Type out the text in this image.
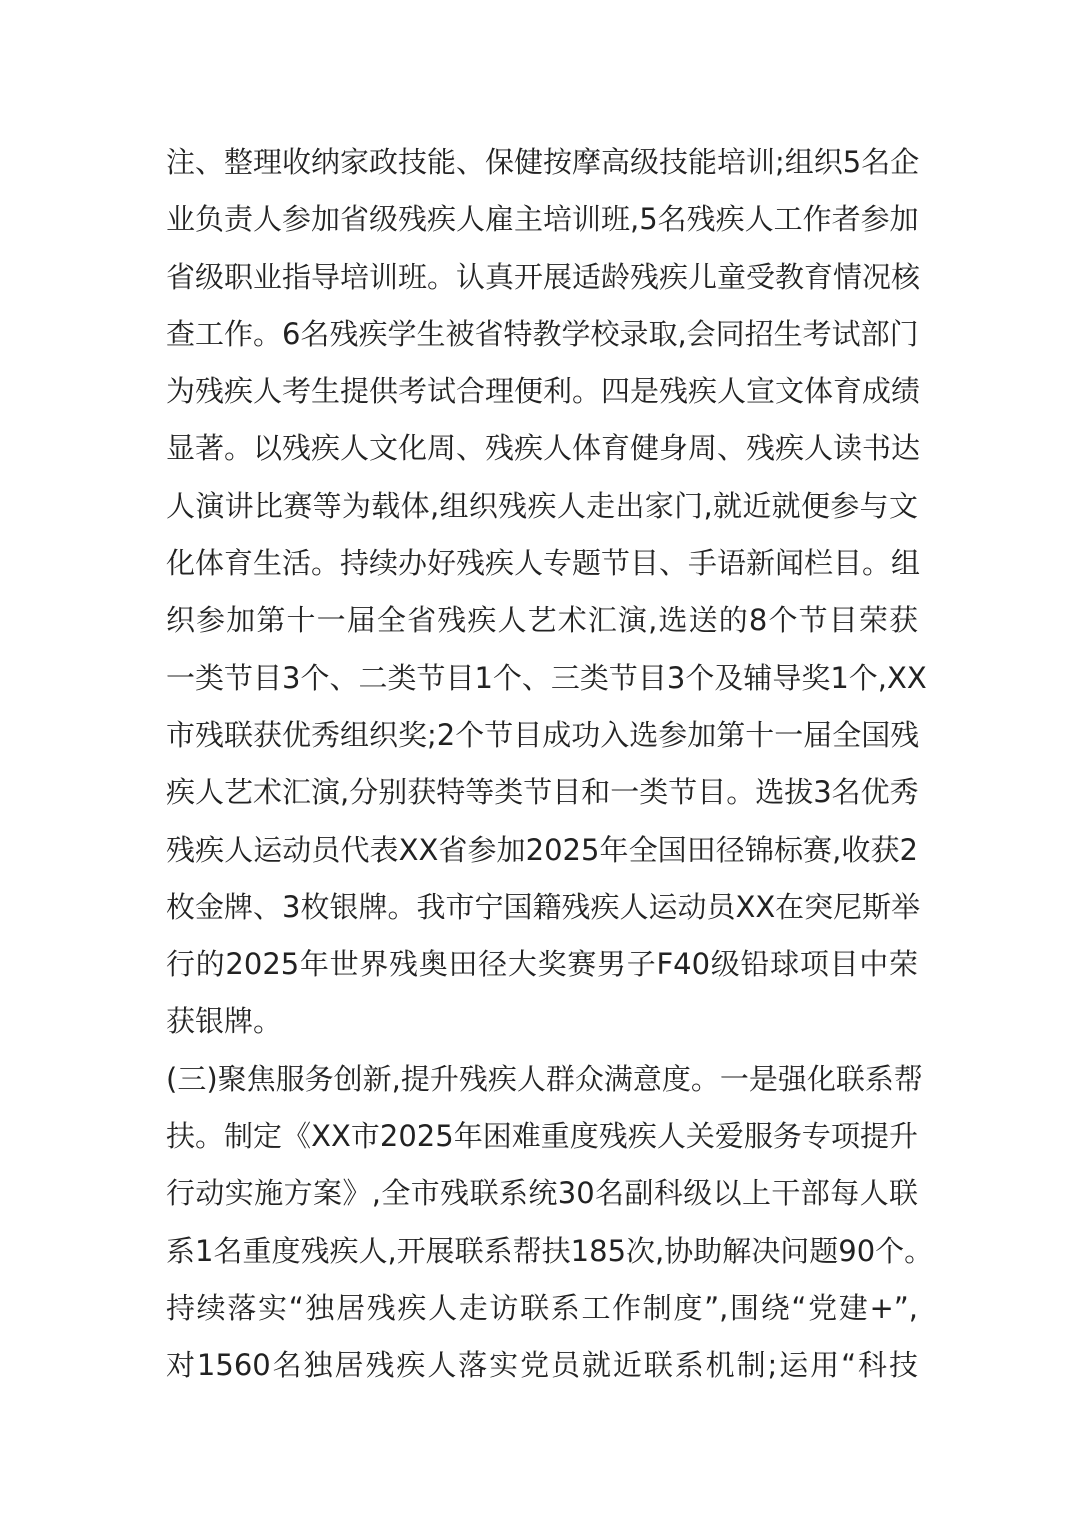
注、整理收纳家政技能、保健按摩高级技能培训;组织5名企
业负责人参加省级残疾人雇主培训班,5名残疾人工作者参加
省级职业指导培训班。认真开展适龄残疾儿童受教育情况核
查工作。6名残疾学生被省特教学校录取,会同招生考试部门
为残疾人考生提供考试合理便利。四是残疾人宣文体育成绩
显著。以残疾人文化周、残疾人体育健身周、残疾人读书达
人演讲比赛等为载体,组织残疾人走出家门,就近就便参与文
化体育生活。持续办好残疾人专题节目、手语新闻栏目。组
织参加第十一届全省残疾人艺术汇演,选送的8个节目荣获
一类节目3个、二类节目1个、三类节目3个及辅导奖1个,XX
市残联获优秀组织奖;2个节目成功入选参加第十一届全国残
疾人艺术汇演,分别获特等类节目和一类节目。选拔3名优秀
残疾人运动员代表XX省参加2025年全国田径锦标赛,收获2
枚金牌、3枚银牌。我市宁国籍残疾人运动员XX在突尼斯举
行的2025年世界残奥田径大奖赛男子F40级铅球项目中荣
获银牌。
(三)聚焦服务创新,提升残疾人群众满意度。一是强化联系帮
扶。制定《XX市2025年困难重度残疾人关爱服务专项提升
行动实施方案》,全市残联系统30名副科级以上干部每人联
系1名重度残疾人,开展联系帮扶185次,协助解决问题90个。
持续落实“独居残疾人走访联系工作制度”,围绕“党建+”,
对1560名独居残疾人落实党员就近联系机制;运用“科技
